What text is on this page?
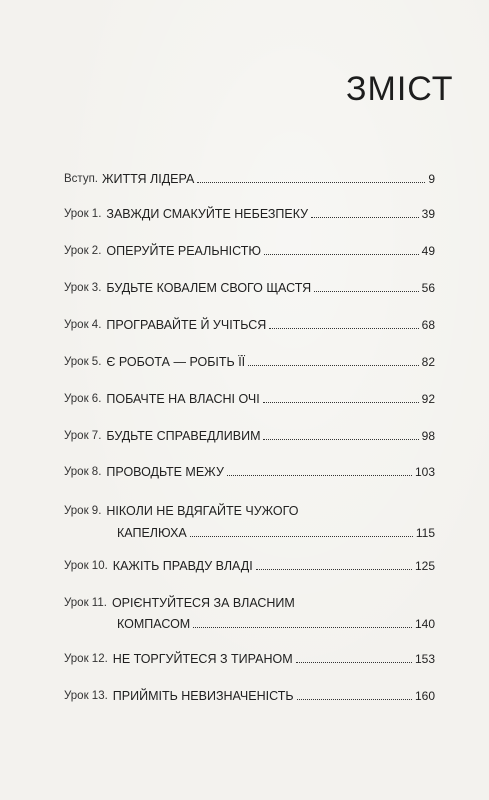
ЗМІСТ
Вступ. ЖИТТЯ ЛІДЕРА	9
Урок 1. ЗАВЖДИ СМАКУЙТЕ НЕБЕЗПЕКУ	39
Урок 2. ОПЕРУЙТЕ РЕАЛЬНІСТЮ	49
Урок 3. БУДЬТЕ КОВАЛЕМ СВОГО ЩАСТЯ	56
Урок 4. ПРОГРАВАЙТЕ Й УЧІТЬСЯ	68
Урок 5. Є РОБОТА — РОБІТЬ ЇЇ	82
Урок 6. ПОБАЧТЕ НА ВЛАСНІ ОЧІ	92
Урок 7. БУДЬТЕ СПРАВЕДЛИВИМ	98
Урок 8. ПРОВОДЬТЕ МЕЖУ	103
Урок 9. НІКОЛИ НЕ ВДЯГАЙТЕ ЧУЖОГО
КАПЕЛЮХА	115
Урок 10. КАЖІТЬ ПРАВДУ ВЛАДІ	125
Урок 11. ОРІЄНТУЙТЕСЯ ЗА ВЛАСНИМ
КОМПАСОМ	140
Урок 12. НЕ ТОРГУЙТЕСЯ З ТИРАНОМ	153
Урок 13. ПРИЙМІТЬ НЕВИЗНАЧЕНІСТЬ	160
